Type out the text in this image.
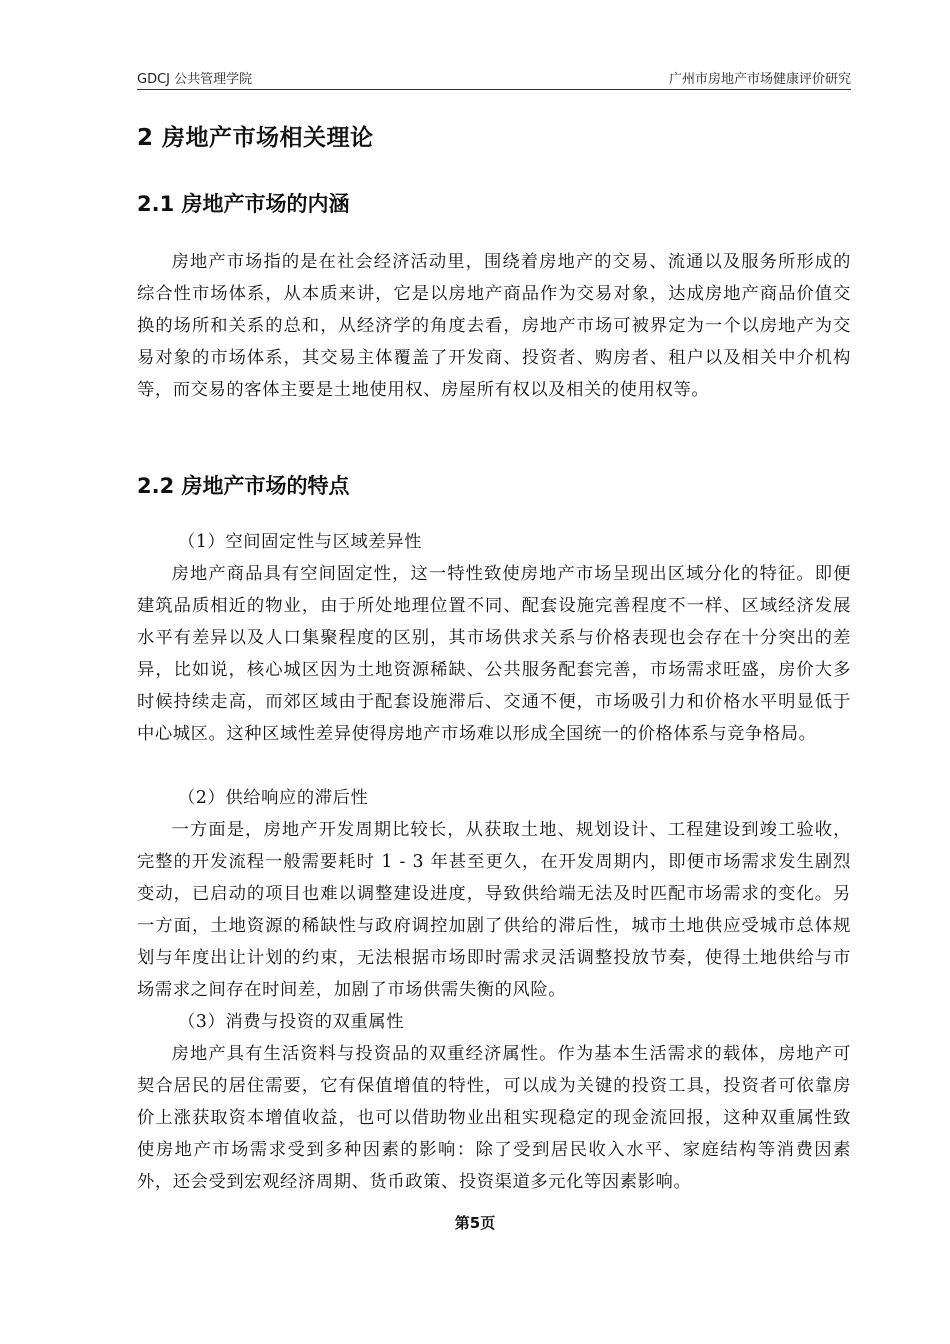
GDCJ 公共管理学院	广州市房地产市场健康评价研究
2 房地产市场相关理论
2.1 房地产市场的内涵

房地产市场指的是在社会经济活动里，围绕着房地产的交易、流通以及服务所形成的综合性市场体系，从本质来讲，它是以房地产商品作为交易对象，达成房地产商品价值交换的场所和关系的总和，从经济学的角度去看，房地产市场可被界定为一个以房地产为交易对象的市场体系，其交易主体覆盖了开发商、投资者、购房者、租户以及相关中介机构等，而交易的客体主要是土地使用权、房屋所有权以及相关的使用权等。

2.2 房地产市场的特点

（1）空间固定性与区域差异性

房地产商品具有空间固定性，这一特性致使房地产市场呈现出区域分化的特征。即便建筑品质相近的物业，由于所处地理位置不同、配套设施完善程度不一样、区域经济发展水平有差异以及人口集聚程度的区别，其市场供求关系与价格表现也会存在十分突出的差异，比如说，核心城区因为土地资源稀缺、公共服务配套完善，市场需求旺盛，房价大多时候持续走高，而郊区域由于配套设施滞后、交通不便，市场吸引力和价格水平明显低于中心城区。这种区域性差异使得房地产市场难以形成全国统一的价格体系与竞争格局。

（2）供给响应的滞后性

一方面是，房地产开发周期比较长，从获取土地、规划设计、工程建设到竣工验收，完整的开发流程一般需要耗时 1 - 3 年甚至更久，在开发周期内，即便市场需求发生剧烈变动，已启动的项目也难以调整建设进度，导致供给端无法及时匹配市场需求的变化。另一方面，土地资源的稀缺性与政府调控加剧了供给的滞后性，城市土地供应受城市总体规划与年度出让计划的约束，无法根据市场即时需求灵活调整投放节奏，使得土地供给与市场需求之间存在时间差，加剧了市场供需失衡的风险。

（3）消费与投资的双重属性

房地产具有生活资料与投资品的双重经济属性。作为基本生活需求的载体，房地产可契合居民的居住需要，它有保值增值的特性，可以成为关键的投资工具，投资者可依靠房价上涨获取资本增值收益，也可以借助物业出租实现稳定的现金流回报，这种双重属性致使房地产市场需求受到多种因素的影响：除了受到居民收入水平、家庭结构等消费因素外，还会受到宏观经济周期、货币政策、投资渠道多元化等因素影响。

第5页
